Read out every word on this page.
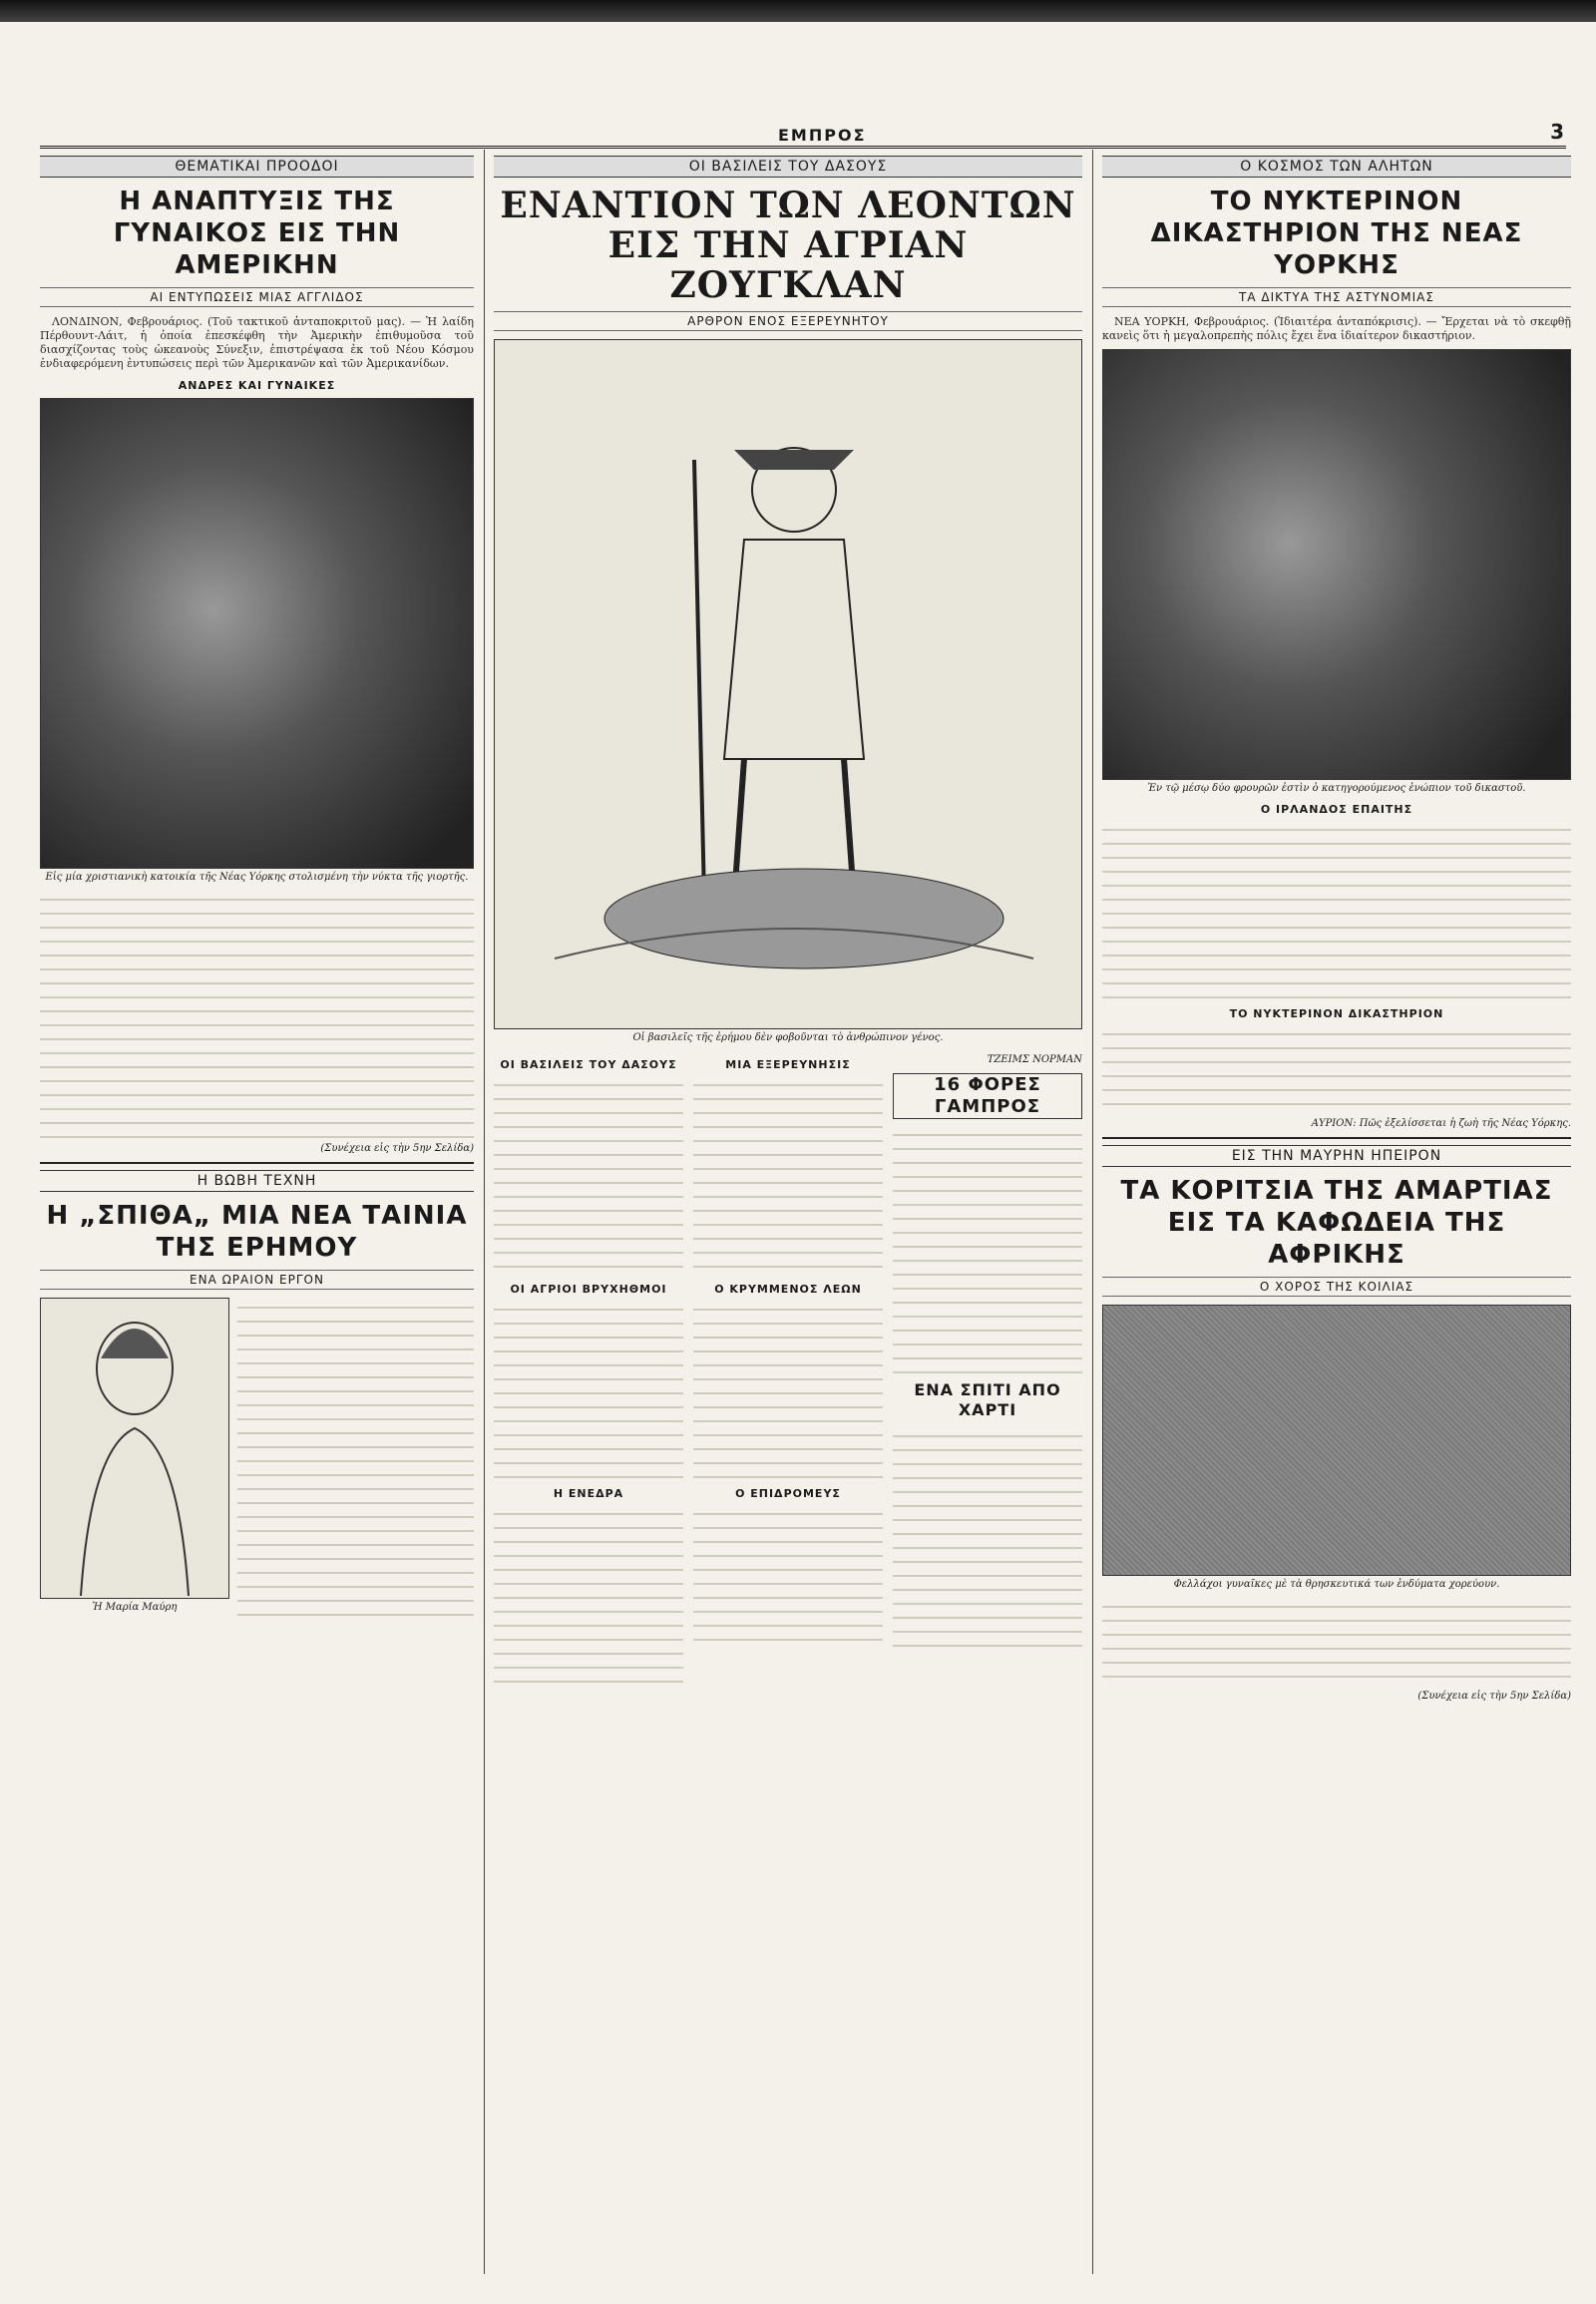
ΕΜΠΡΟΣ	3
ΘΕΜΑΤΙΚΑΙ ΠΡΟΟΔΟΙ
Η ΑΝΑΠΤΥΞΙΣ ΤΗΣ ΓΥΝΑΙΚΟΣ ΕΙΣ ΤΗΝ ΑΜΕΡΙΚΗΝ
ΑΙ ΕΝΤΥΠΩΣΕΙΣ ΜΙΑΣ ΑΓΓΛΙΔΟΣ

ΛΟΝΔΙΝΟΝ, Φεβρουάριος. (Τοῦ τακτικοῦ ἀνταποκριτοῦ μας). — Ἡ λαίδη Πέρθουντ-Λάιτ, ἡ ὁποία ἐπεσκέφθη τὴν Ἀμερικὴν ἐπιθυμοῦσα τοῦ διασχίζοντας τοὺς ὠκεανοὺς Σύνεξιν, ἐπιστρέψασα ἐκ τοῦ Νέου Κόσμου ἐνδιαφερόμενη ἐντυπώσεις περὶ τῶν Ἀμερικανῶν καὶ τῶν Ἀμερικανίδων.

ΑΝΔΡΕΣ ΚΑΙ ΓΥΝΑΙΚΕΣ
Εἰς μία χριστιανικὴ κατοικία τῆς Νέας Υόρκης στολισμένη τὴν νύκτα τῆς γιορτῆς.
(Συνέχεια εἰς τὴν 5ην Σελίδα)
Η ΒΩΒΗ ΤΕΧΝΗ
Η „ΣΠΙΘΑ„ ΜΙΑ ΝΕΑ ΤΑΙΝΙΑ ΤΗΣ ΕΡΗΜΟΥ
ΕΝΑ ΩΡΑΙΟΝ ΕΡΓΟΝ
Ἡ Μαρία Μαύρη
ΟΙ ΒΑΣΙΛΕΙΣ ΤΟΥ ΔΑΣΟΥΣ
ΕΝΑΝΤΙΟΝ ΤΩΝ ΛΕΟΝΤΩΝ ΕΙΣ ΤΗΝ ΑΓΡΙΑΝ ΖΟΥΓΚΛΑΝ
ΑΡΘΡΟΝ ΕΝΟΣ ΕΞΕΡΕΥΝΗΤΟΥ
Οἱ βασιλεῖς τῆς ἐρήμου δὲν φοβοῦνται τὸ ἀνθρώπινον γένος.
ΟΙ ΒΑΣΙΛΕΙΣ ΤΟΥ ΔΑΣΟΥΣ
ΟΙ ΑΓΡΙΟΙ ΒΡΥΧΗΘΜΟΙ
Η ΕΝΕΔΡΑ
ΜΙΑ ΕΞΕΡΕΥΝΗΣΙΣ
Ο ΚΡΥΜΜΕΝΟΣ ΛΕΩΝ
Ο ΕΠΙΔΡΟΜΕΥΣ
ΤΖΕΙΜΣ ΝΟΡΜΑΝ
16 ΦΟΡΕΣ ΓΑΜΠΡΟΣ
ΕΝΑ ΣΠΙΤΙ ΑΠΟ ΧΑΡΤΙ
Ο ΚΟΣΜΟΣ ΤΩΝ ΑΛΗΤΩΝ
ΤΟ ΝΥΚΤΕΡΙΝΟΝ ΔΙΚΑΣΤΗΡΙΟΝ ΤΗΣ ΝΕΑΣ ΥΟΡΚΗΣ
ΤΑ ΔΙΚΤΥΑ ΤΗΣ ΑΣΤΥΝΟΜΙΑΣ

ΝΕΑ ΥΟΡΚΗ, Φεβρουάριος. (Ἰδιαιτέρα ἀνταπόκρισις). — Ἔρχεται νὰ τὸ σκεφθῇ κανεὶς ὅτι ἡ μεγαλοπρεπὴς πόλις ἔχει ἕνα ἰδιαίτερον δικαστήριον.

Ἐν τῷ μέσῳ δύο φρουρῶν ἐστὶν ὁ κατηγορούμενος ἐνώπιον τοῦ δικαστοῦ.
Ο ΙΡΛΑΝΔΟΣ ΕΠΑΙΤΗΣ
ΤΟ ΝΥΚΤΕΡΙΝΟΝ ΔΙΚΑΣΤΗΡΙΟΝ
ΑΥΡΙΟΝ: Πῶς ἐξελίσσεται ἡ ζωὴ τῆς Νέας Υόρκης.
ΕΙΣ ΤΗΝ ΜΑΥΡΗΝ ΗΠΕΙΡΟΝ
ΤΑ ΚΟΡΙΤΣΙΑ ΤΗΣ ΑΜΑΡΤΙΑΣ ΕΙΣ ΤΑ ΚΑΦΩΔΕΙΑ ΤΗΣ ΑΦΡΙΚΗΣ
Ο ΧΟΡΟΣ ΤΗΣ ΚΟΙΛΙΑΣ
Φελλάχοι γυναῖκες μὲ τὰ θρησκευτικά των ἐνδύματα χορεύουν.
(Συνέχεια εἰς τὴν 5ην Σελίδα)
